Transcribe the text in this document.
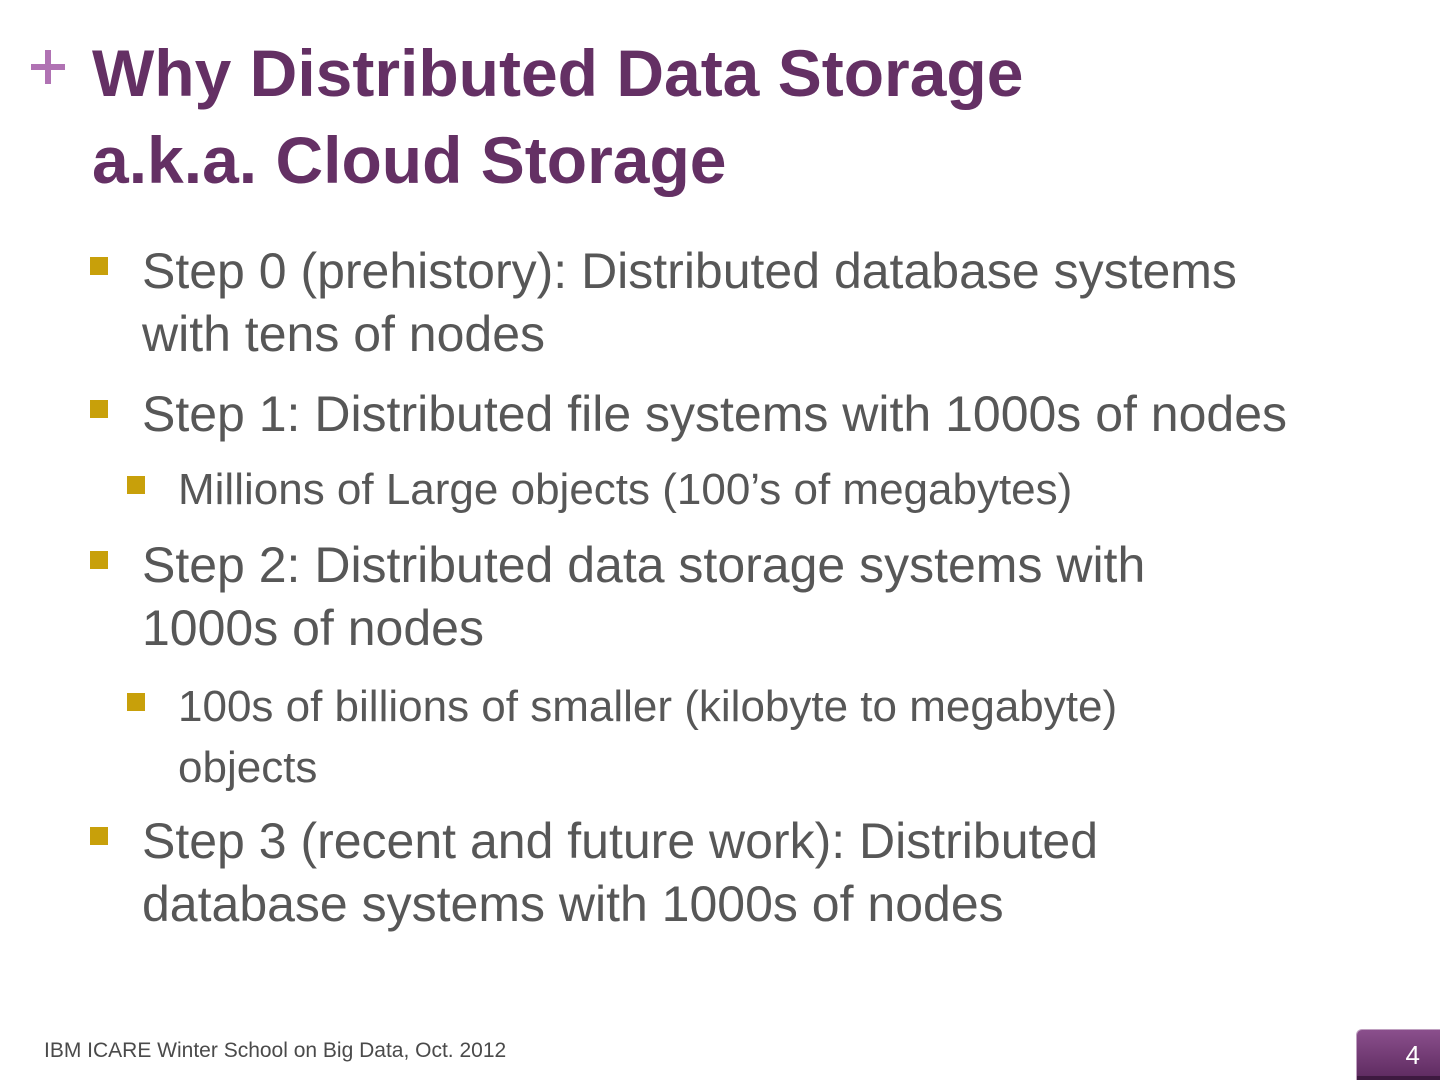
Why Distributed Data Storage
a.k.a. Cloud Storage
Step 0 (prehistory): Distributed database systems
with tens of nodes
Step 1: Distributed file systems with 1000s of nodes
Millions of Large objects (100’s of megabytes)
Step 2: Distributed data storage systems with
1000s of nodes
100s of billions of smaller (kilobyte to megabyte)
objects
Step 3 (recent and future work): Distributed
database systems with 1000s of nodes
IBM ICARE Winter School on Big Data, Oct. 2012	4
